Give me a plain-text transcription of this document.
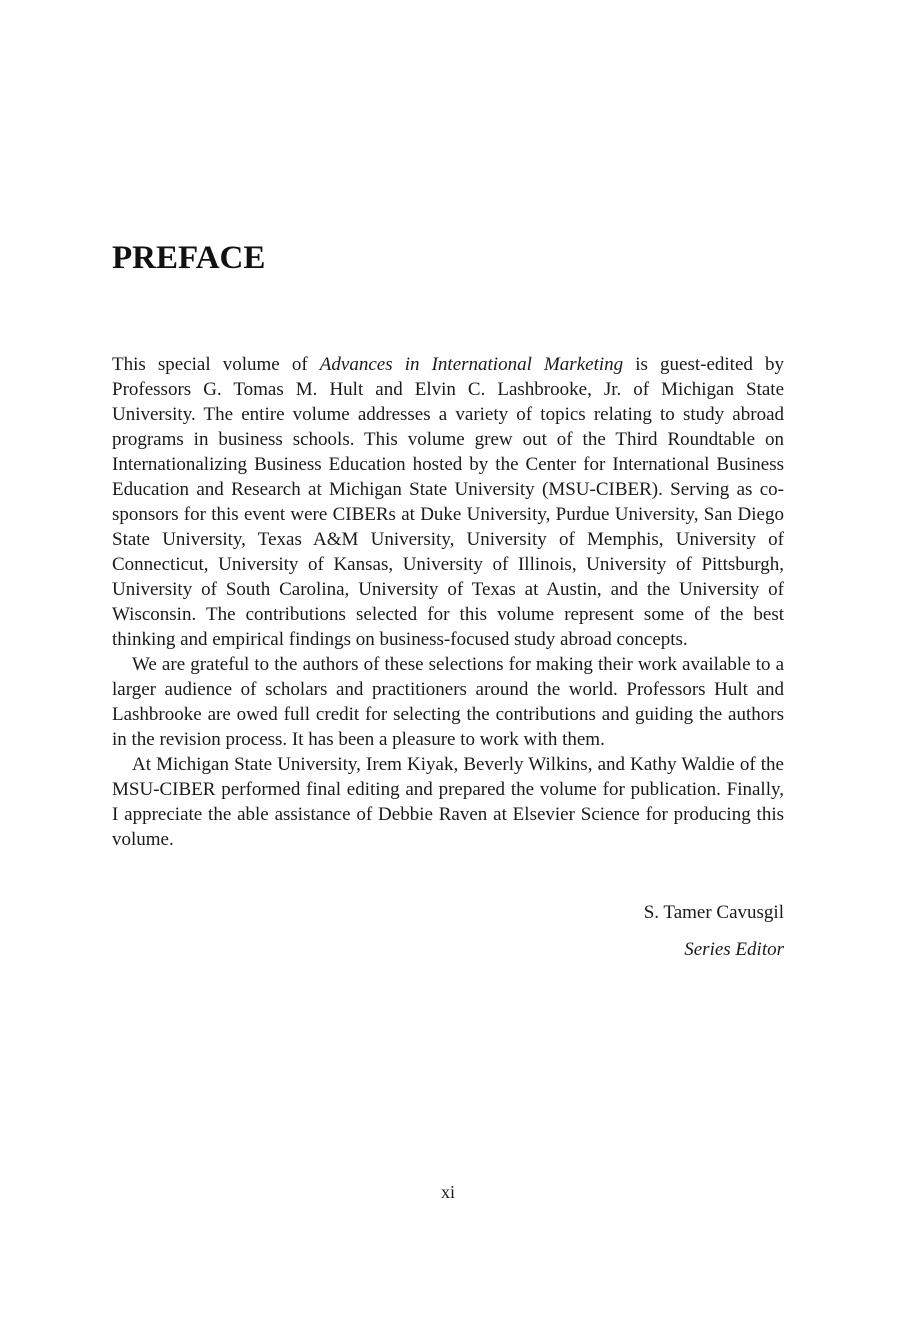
PREFACE

This special volume of Advances in International Marketing is guest-edited by Professors G. Tomas M. Hult and Elvin C. Lashbrooke, Jr. of Michigan State University. The entire volume addresses a variety of topics relating to study abroad programs in business schools. This volume grew out of the Third Roundtable on Internationalizing Business Education hosted by the Center for International Business Education and Research at Michigan State University (MSU-CIBER). Serving as co-sponsors for this event were CIBERs at Duke University, Purdue University, San Diego State University, Texas A&M University, University of Memphis, University of Connecticut, University of Kansas, University of Illinois, University of Pittsburgh, University of South Carolina, University of Texas at Austin, and the University of Wisconsin. The contributions selected for this volume represent some of the best thinking and empirical findings on business-focused study abroad concepts.

We are grateful to the authors of these selections for making their work available to a larger audience of scholars and practitioners around the world. Professors Hult and Lashbrooke are owed full credit for selecting the contributions and guiding the authors in the revision process. It has been a pleasure to work with them.

At Michigan State University, Irem Kiyak, Beverly Wilkins, and Kathy Waldie of the MSU-CIBER performed final editing and prepared the volume for publication. Finally, I appreciate the able assistance of Debbie Raven at Elsevier Science for producing this volume.

S. Tamer Cavusgil
Series Editor
xi
